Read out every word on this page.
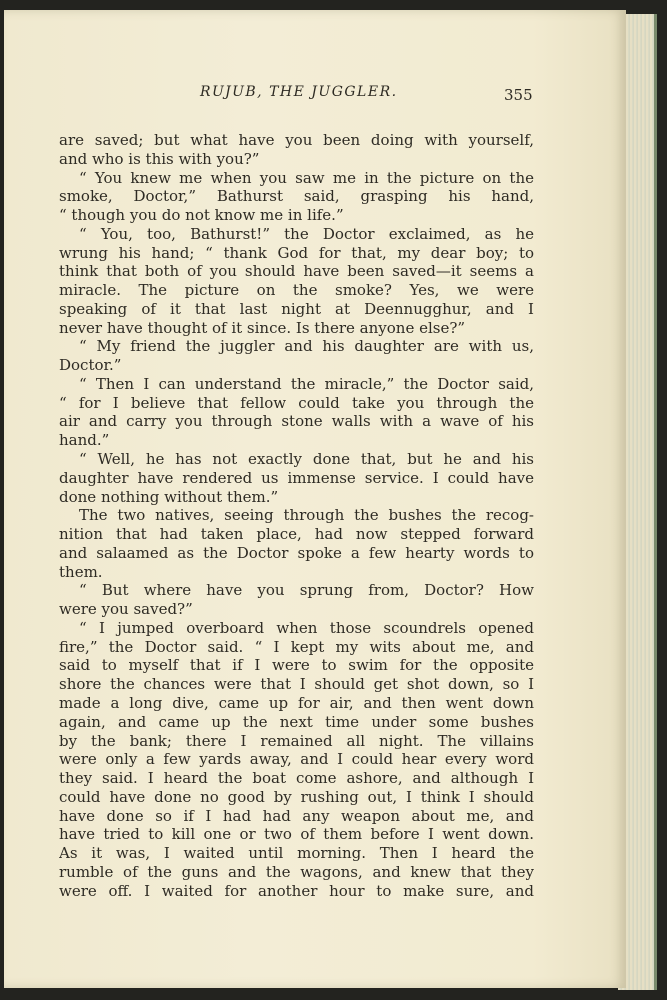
RUJUB, THE JUGGLER.	355
are saved; but what have you been doing with yourself,
and who is this with you?”
“ You knew me when you saw me in the picture on the
smoke, Doctor,” Bathurst said, grasping his hand,
“ though you do not know me in life.”
“ You, too, Bathurst!” the Doctor exclaimed, as he
wrung his hand; “ thank God for that, my dear boy; to
think that both of you should have been saved—it seems a
miracle. The picture on the smoke? Yes, we were
speaking of it that last night at Deennugghur, and I
never have thought of it since. Is there anyone else?”
“ My friend the juggler and his daughter are with us,
Doctor.”
“ Then I can understand the miracle,” the Doctor said,
“ for I believe that fellow could take you through the
air and carry you through stone walls with a wave of his
hand.”
“ Well, he has not exactly done that, but he and his
daughter have rendered us immense service. I could have
done nothing without them.”
The two natives, seeing through the bushes the recog-
nition that had taken place, had now stepped forward
and salaamed as the Doctor spoke a few hearty words to
them.
“ But where have you sprung from, Doctor? How
were you saved?”
“ I jumped overboard when those scoundrels opened
fire,” the Doctor said. “ I kept my wits about me, and
said to myself that if I were to swim for the opposite
shore the chances were that I should get shot down, so I
made a long dive, came up for air, and then went down
again, and came up the next time under some bushes
by the bank; there I remained all night. The villains
were only a few yards away, and I could hear every word
they said. I heard the boat come ashore, and although I
could have done no good by rushing out, I think I should
have done so if I had had any weapon about me, and
have tried to kill one or two of them before I went down.
As it was, I waited until morning. Then I heard the
rumble of the guns and the wagons, and knew that they
were off. I waited for another hour to make sure, and
